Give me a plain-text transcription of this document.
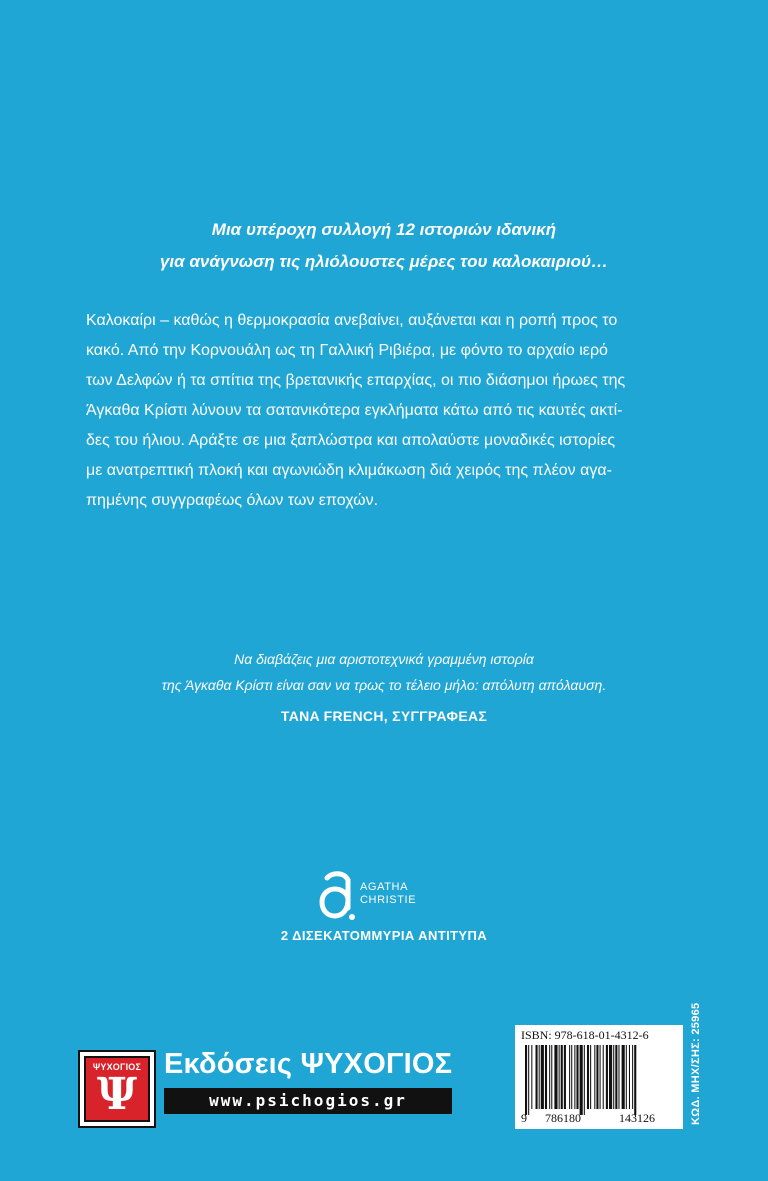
Μια υπέροχη συλλογή 12 ιστοριών ιδανική
για ανάγνωση τις ηλιόλουστες μέρες του καλοκαιριού…
Καλοκαίρι – καθώς η θερμοκρασία ανεβαίνει, αυξάνεται και η ροπή προς το
κακό. Από την Κορνουάλη ως τη Γαλλική Ριβιέρα, με φόντο το αρχαίο ιερό
των Δελφών ή τα σπίτια της βρετανικής επαρχίας, οι πιο διάσημοι ήρωες της
Άγκαθα Κρίστι λύνουν τα σατανικότερα εγκλήματα κάτω από τις καυτές ακτί-
δες του ήλιου. Αράξτε σε μια ξαπλώστρα και απολαύστε μοναδικές ιστορίες
με ανατρεπτική πλοκή και αγωνιώδη κλιμάκωση διά χειρός της πλέον αγα-
πημένης συγγραφέως όλων των εποχών.
Να διαβάζεις μια αριστοτεχνικά γραμμένη ιστορία
της Άγκαθα Κρίστι είναι σαν να τρως το τέλειο μήλο: απόλυτη απόλαυση.
TANA FRENCH, ΣΥΓΓΡΑΦΕΑΣ
AGATHA
CHRISTIE
2 ΔΙΣΕΚΑΤΟΜΜΥΡΙΑ ΑΝΤΙΤΥΠΑ
ΨΥΧΟΓΙΟΣ
Ψ
Εκδόσεις ΨΥΧΟΓΙΟΣ
www.psichogios.gr
ISBN: 978-618-01-4312-6
9 786180	143126	ΚΩΔ. ΜΗΧ/ΣΗΣ: 25965
